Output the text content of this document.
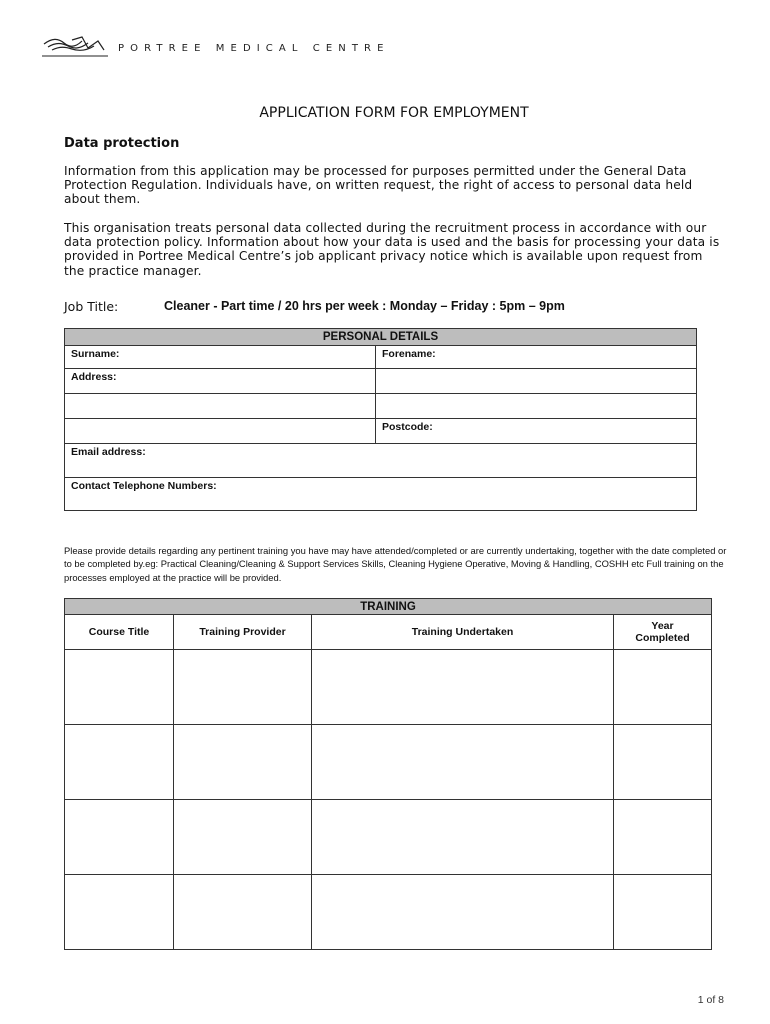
PORTREE MEDICAL CENTRE
APPLICATION FORM FOR EMPLOYMENT
Data protection
Information from this application may be processed for purposes permitted under the General Data Protection Regulation. Individuals have, on written request, the right of access to personal data held about them.
This organisation treats personal data collected during the recruitment process in accordance with our data protection policy. Information about how your data is used and the basis for processing your data is provided in Portree Medical Centre’s job applicant privacy notice which is available upon request from the practice manager.
Job Title:	Cleaner - Part time / 20 hrs per week : Monday – Friday : 5pm – 9pm
PERSONAL DETAILS	
Surname:	Forename:
Address:	

	Postcode:
Email address:	
Contact Telephone Numbers:	
Please provide details regarding any pertinent training you have may have attended/completed or are currently undertaking, together with the date completed or to be completed by.eg: Practical Cleaning/Cleaning & Support Services Skills, Cleaning Hygiene Operative, Moving & Handling, COSHH etc Full training on the processes employed at the practice will be provided.
TRAINING			
Course Title	Training Provider	Training Undertaken	Year Completed

1 of 8
